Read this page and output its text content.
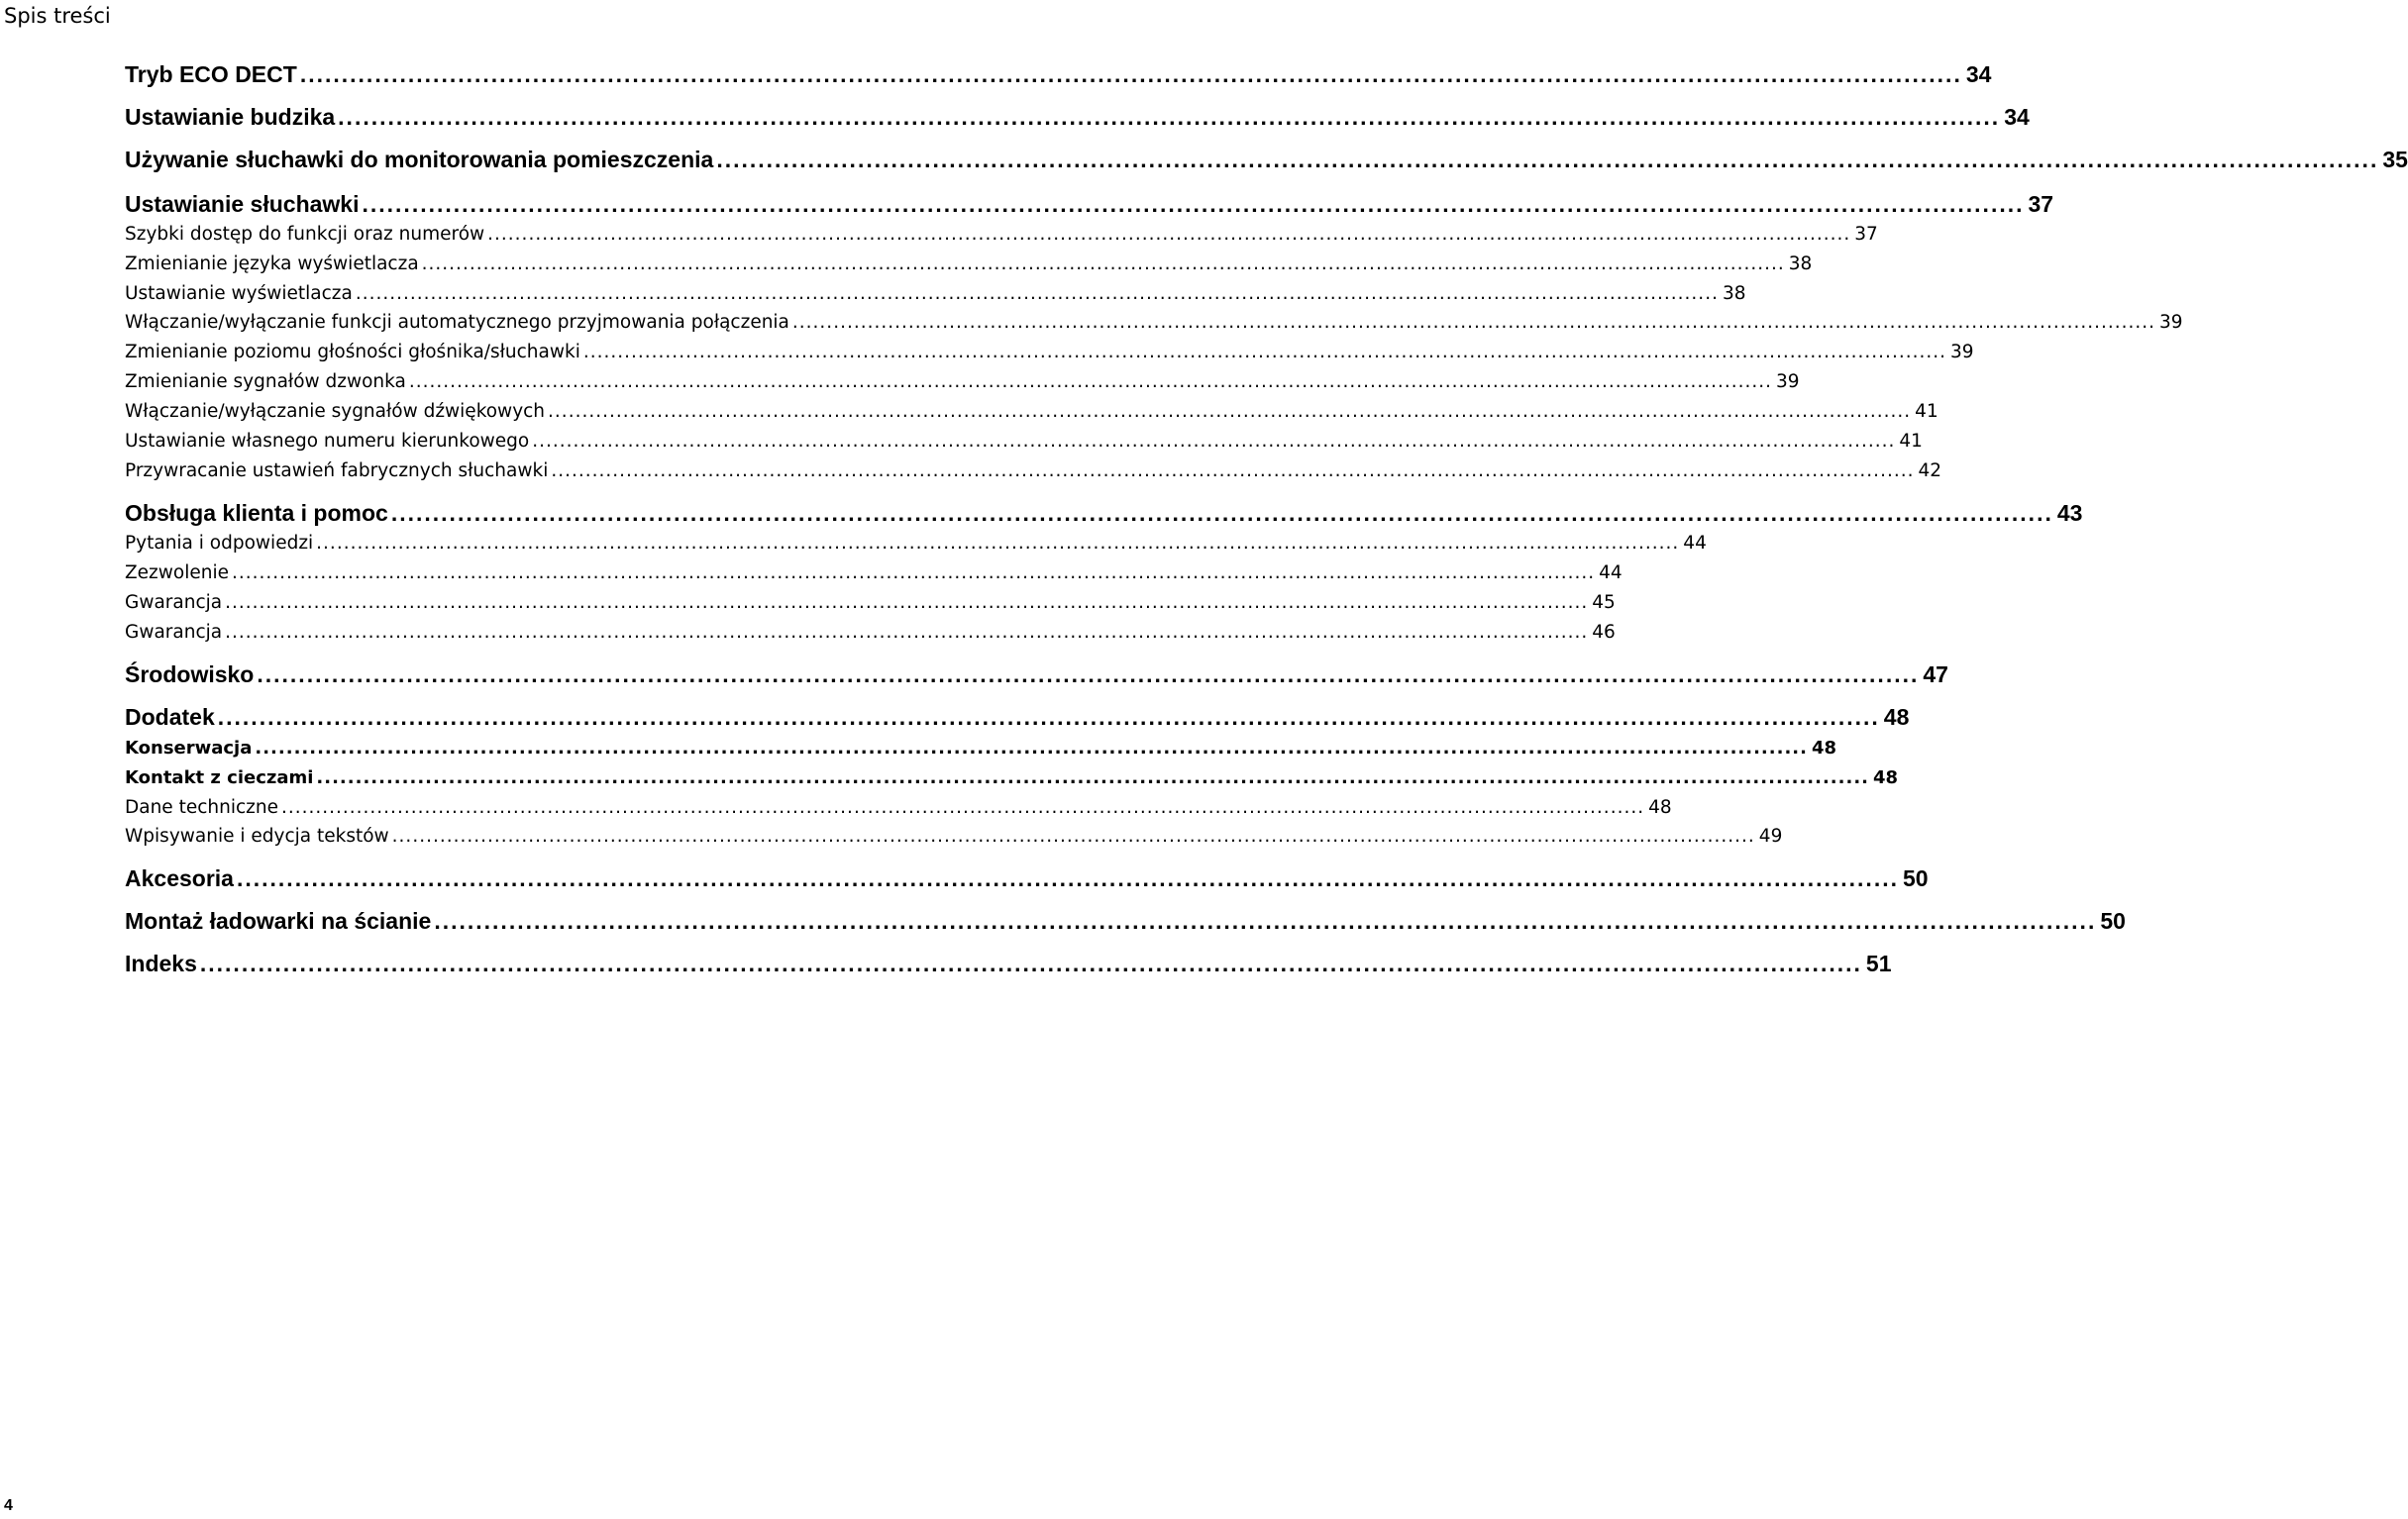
Spis treści
Tryb ECO DECT ........................................................................................................................................................................................................ 34
Ustawianie budzika ........................................................................................................................................................................................................ 34
Używanie słuchawki do monitorowania pomieszczenia ........................................................................................................................................................................................................ 35
Ustawianie słuchawki ........................................................................................................................................................................................................ 37
Szybki dostęp do funkcji oraz numerów ........................................................................................................................................................................................................ 37
Zmienianie języka wyświetlacza ........................................................................................................................................................................................................ 38
Ustawianie wyświetlacza ........................................................................................................................................................................................................ 38
Włączanie/wyłączanie funkcji automatycznego przyjmowania połączenia ........................................................................................................................................................................................................ 39
Zmienianie poziomu głośności głośnika/słuchawki ........................................................................................................................................................................................................ 39
Zmienianie sygnałów dzwonka ........................................................................................................................................................................................................ 39
Włączanie/wyłączanie sygnałów dźwiękowych ........................................................................................................................................................................................................ 41
Ustawianie własnego numeru kierunkowego ........................................................................................................................................................................................................ 41
Przywracanie ustawień fabrycznych słuchawki ........................................................................................................................................................................................................ 42
Obsługa klienta i pomoc ........................................................................................................................................................................................................ 43
Pytania i odpowiedzi ........................................................................................................................................................................................................ 44
Zezwolenie ........................................................................................................................................................................................................ 44
Gwarancja ........................................................................................................................................................................................................ 45
Gwarancja ........................................................................................................................................................................................................ 46
Środowisko ........................................................................................................................................................................................................ 47
Dodatek ........................................................................................................................................................................................................ 48
Konserwacja ........................................................................................................................................................................................................ 48
Kontakt z cieczami ........................................................................................................................................................................................................ 48
Dane techniczne ........................................................................................................................................................................................................ 48
Wpisywanie i edycja tekstów ........................................................................................................................................................................................................ 49
Akcesoria ........................................................................................................................................................................................................ 50
Montaż ładowarki na ścianie ........................................................................................................................................................................................................ 50
Indeks ........................................................................................................................................................................................................ 51
4
